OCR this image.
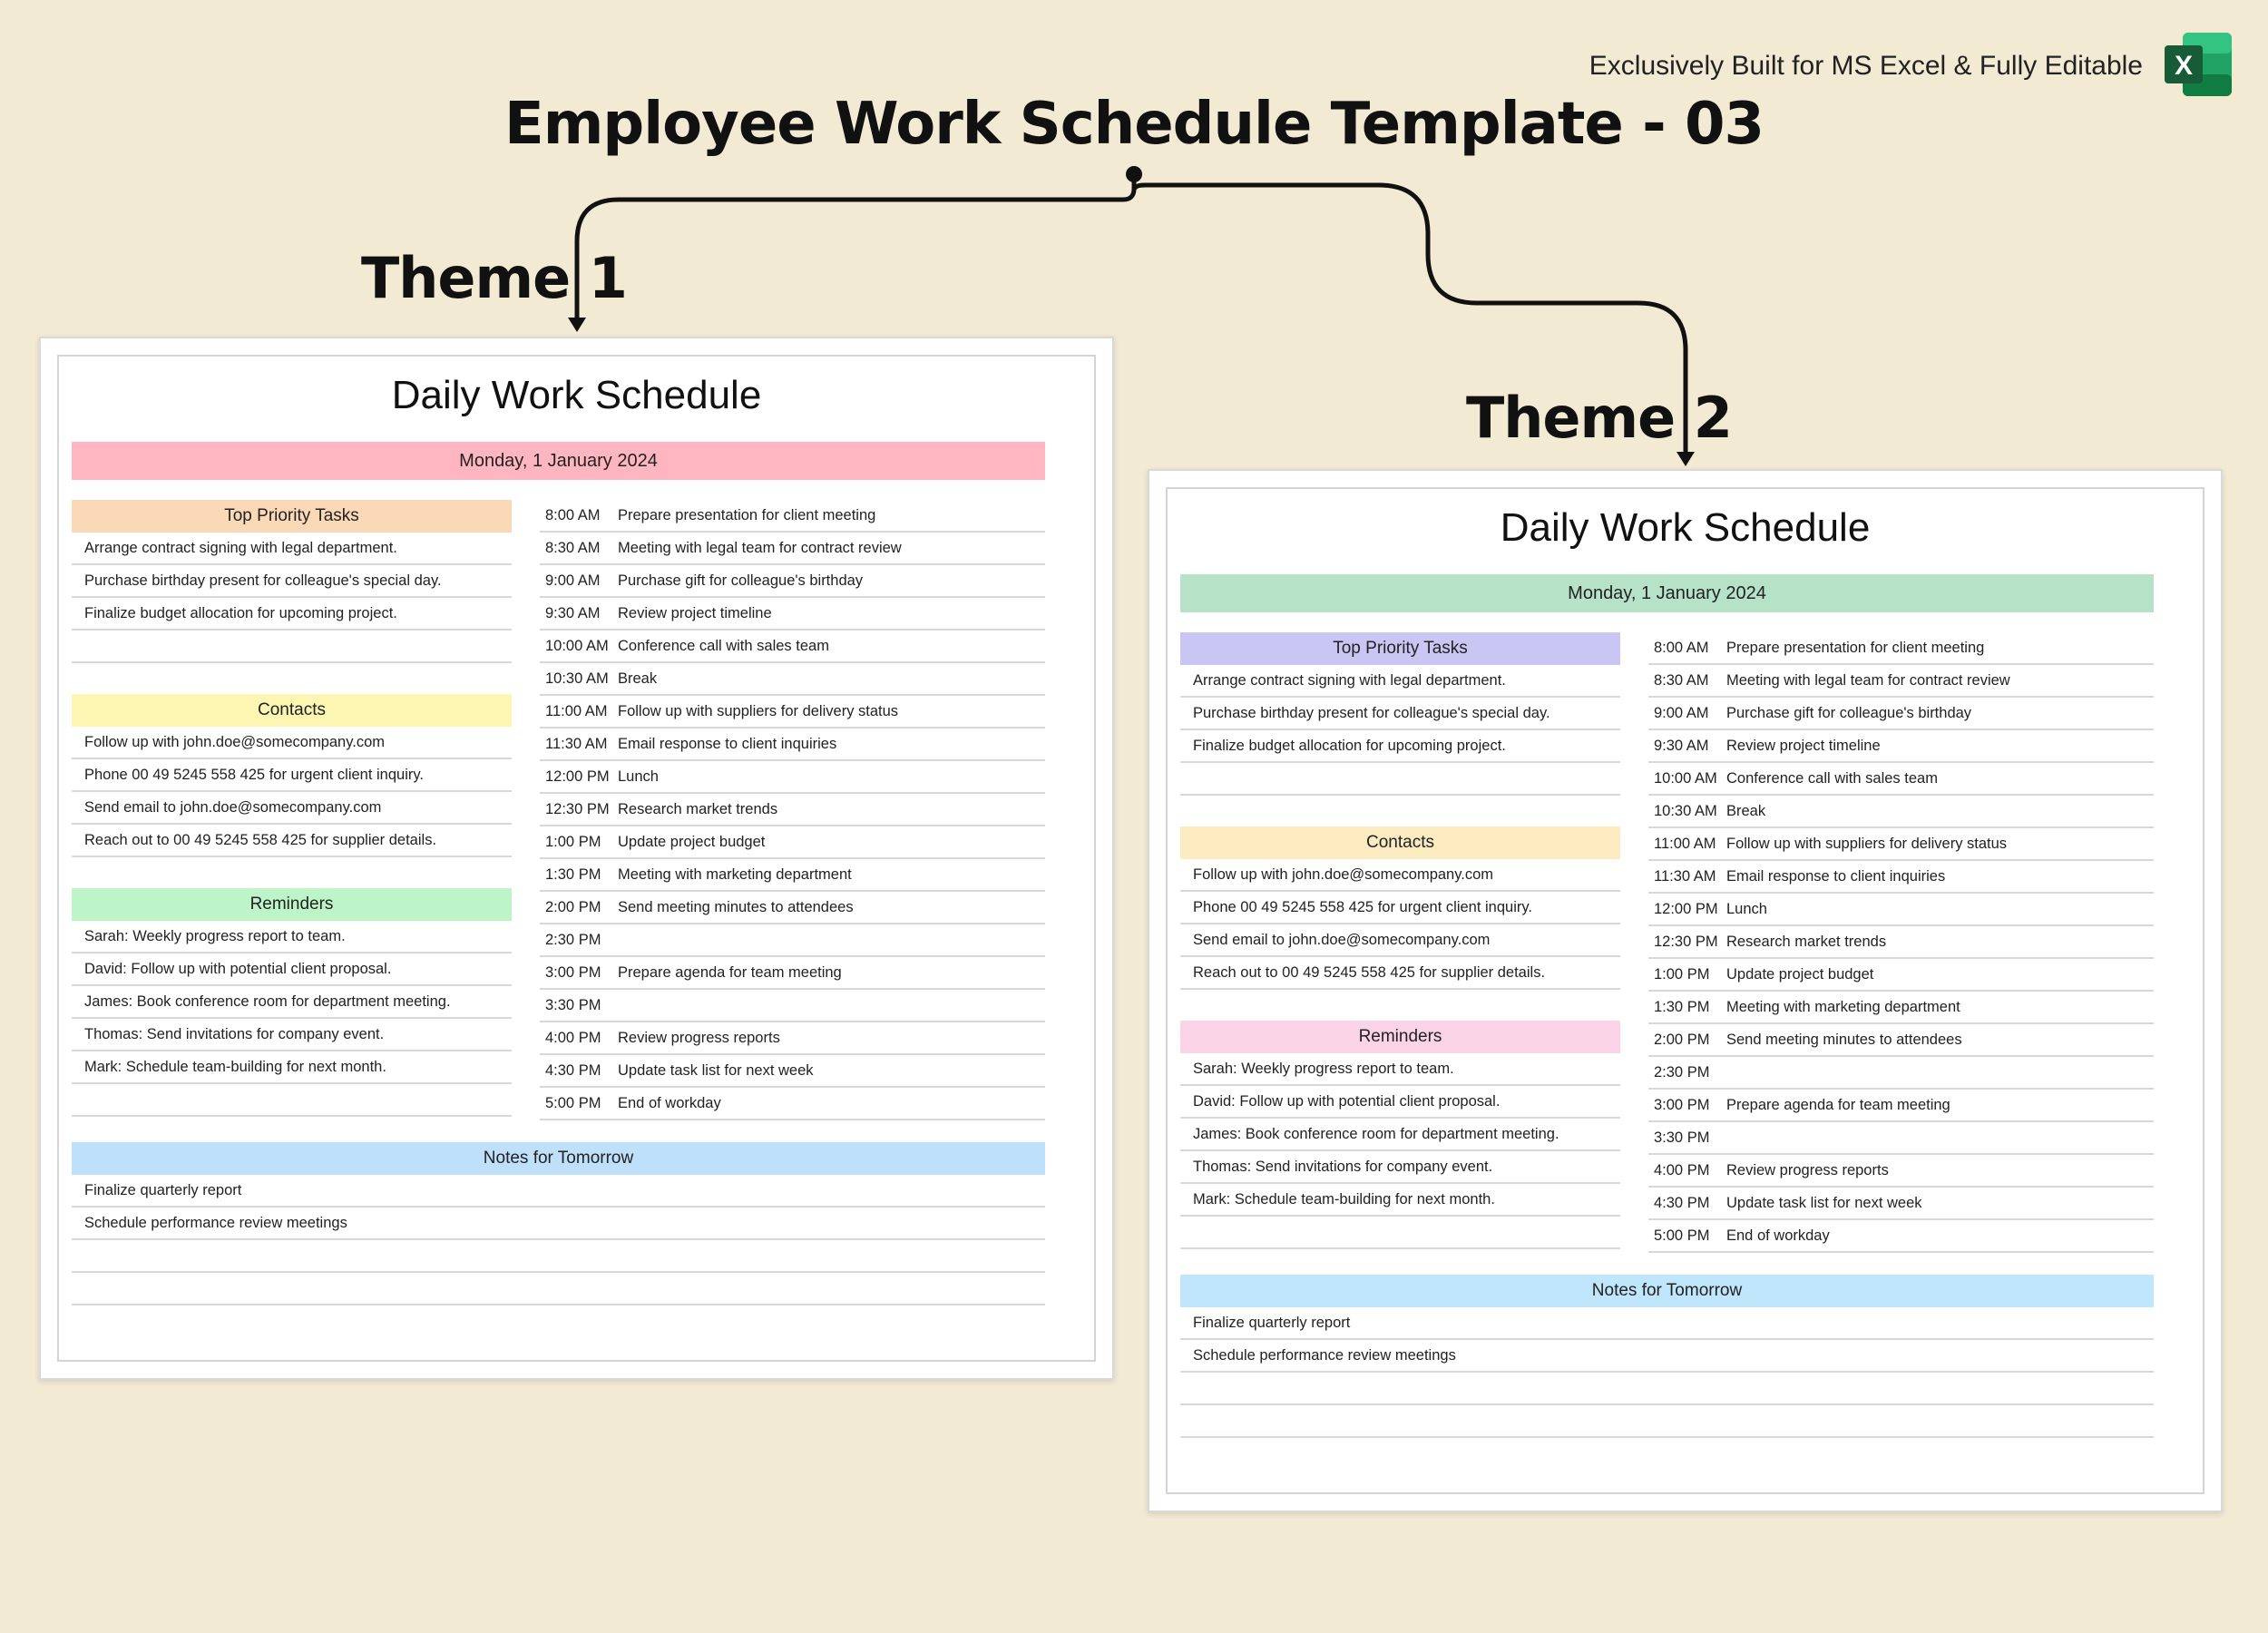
Exclusively Built for MS Excel & Fully Editable X
Employee Work Schedule Template - 03
Theme 1
Theme 2
Daily Work Schedule
Monday, 1 January 2024
Top Priority Tasks
Arrange contract signing with legal department.
Purchase birthday present for colleague's special day.
Finalize budget allocation for upcoming project.
Contacts
Follow up with john.doe@somecompany.com
Phone 00 49 5245 558 425 for urgent client inquiry.
Send email to john.doe@somecompany.com
Reach out to 00 49 5245 558 425 for supplier details.
Reminders
Sarah: Weekly progress report to team.
David: Follow up with potential client proposal.
James: Book conference room for department meeting.
Thomas: Send invitations for company event.
Mark: Schedule team-building for next month.
8:00 AM	Prepare presentation for client meeting
8:30 AM	Meeting with legal team for contract review
9:00 AM	Purchase gift for colleague's birthday
9:30 AM	Review project timeline
10:00 AM Conference call with sales team
10:30 AM Break
11:00 AM Follow up with suppliers for delivery status
11:30 AM Email response to client inquiries
12:00 PM Lunch
12:30 PM Research market trends
1:00 PM	Update project budget
1:30 PM	Meeting with marketing department
2:00 PM	Send meeting minutes to attendees
2:30 PM
3:00 PM	Prepare agenda for team meeting
3:30 PM
4:00 PM	Review progress reports
4:30 PM	Update task list for next week
5:00 PM	End of workday
Notes for Tomorrow
Finalize quarterly report
Schedule performance review meetings
Daily Work Schedule
Monday, 1 January 2024
Top Priority Tasks
Arrange contract signing with legal department.
Purchase birthday present for colleague's special day.
Finalize budget allocation for upcoming project.
Contacts
Follow up with john.doe@somecompany.com
Phone 00 49 5245 558 425 for urgent client inquiry.
Send email to john.doe@somecompany.com
Reach out to 00 49 5245 558 425 for supplier details.
Reminders
Sarah: Weekly progress report to team.
David: Follow up with potential client proposal.
James: Book conference room for department meeting.
Thomas: Send invitations for company event.
Mark: Schedule team-building for next month.
8:00 AM	Prepare presentation for client meeting
8:30 AM	Meeting with legal team for contract review
9:00 AM	Purchase gift for colleague's birthday
9:30 AM	Review project timeline
10:00 AM Conference call with sales team
10:30 AM Break
11:00 AM Follow up with suppliers for delivery status
11:30 AM Email response to client inquiries
12:00 PM Lunch
12:30 PM Research market trends
1:00 PM	Update project budget
1:30 PM	Meeting with marketing department
2:00 PM	Send meeting minutes to attendees
2:30 PM
3:00 PM	Prepare agenda for team meeting
3:30 PM
4:00 PM	Review progress reports
4:30 PM	Update task list for next week
5:00 PM	End of workday
Notes for Tomorrow
Finalize quarterly report
Schedule performance review meetings
